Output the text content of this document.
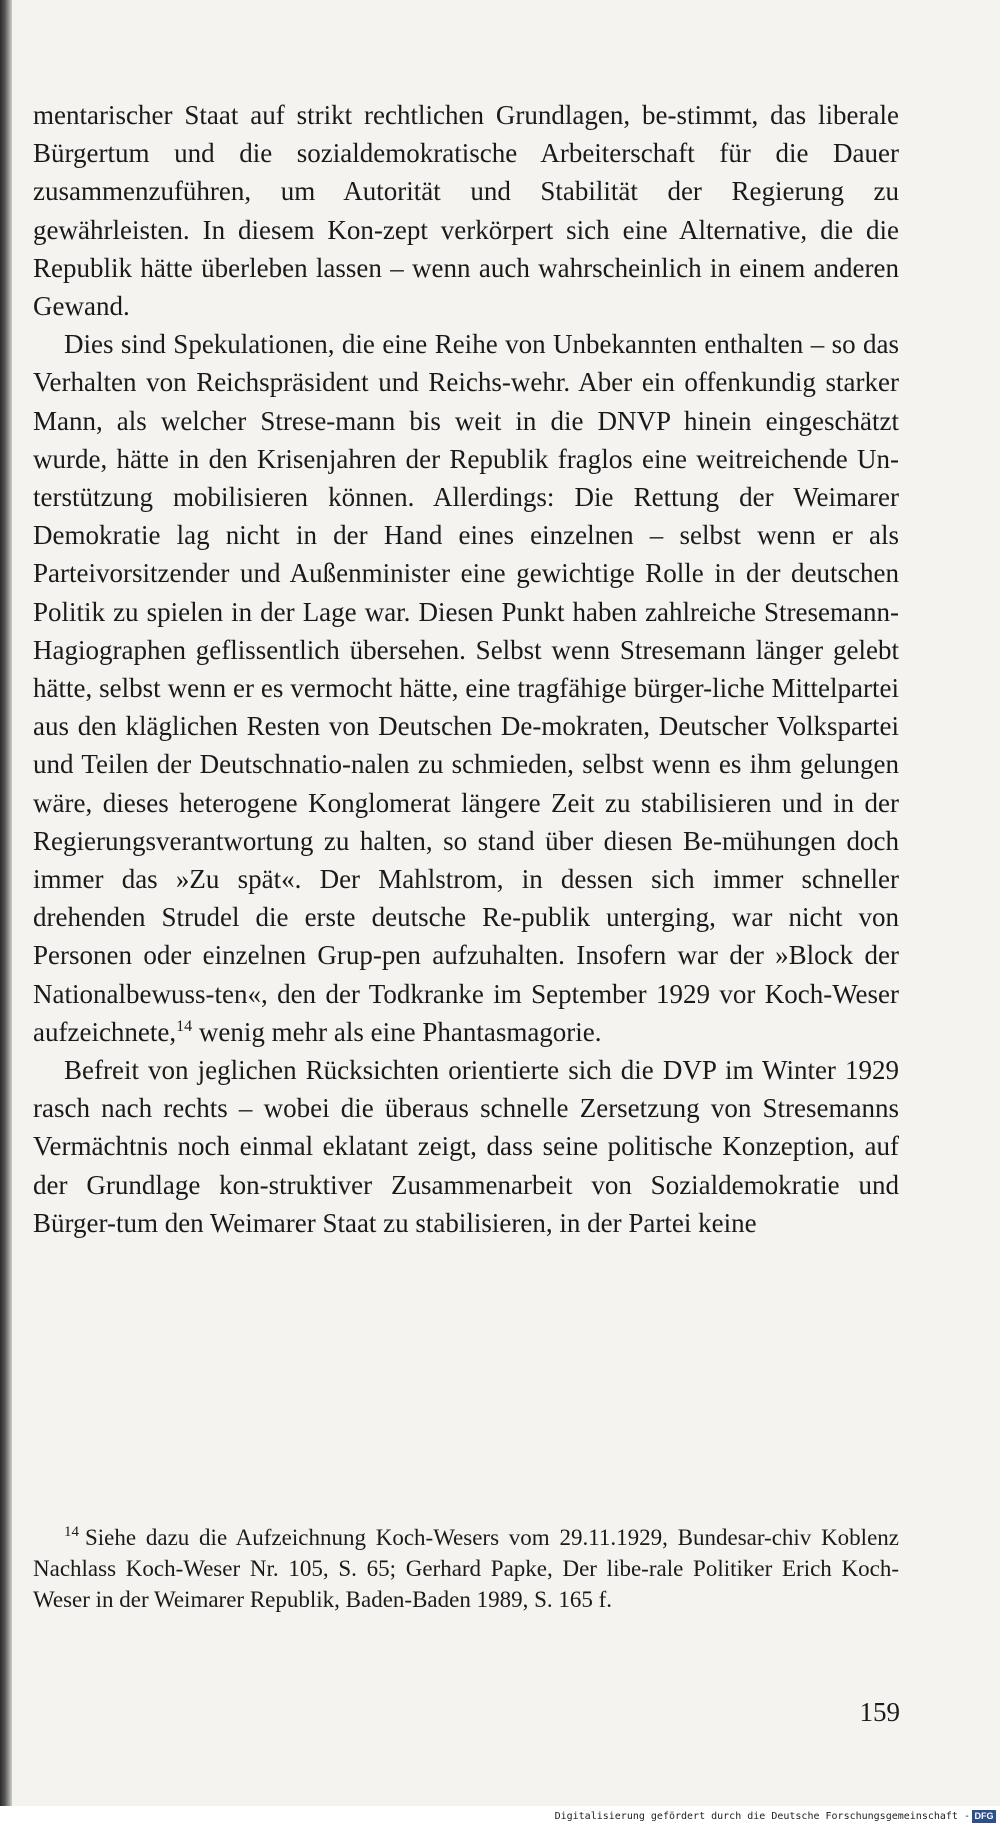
mentarischer Staat auf strikt rechtlichen Grundlagen, be-stimmt, das liberale Bürgertum und die sozialdemokratische Arbeiterschaft für die Dauer zusammenzuführen, um Autorität und Stabilität der Regierung zu gewährleisten. In diesem Kon-zept verkörpert sich eine Alternative, die die Republik hätte überleben lassen – wenn auch wahrscheinlich in einem anderen Gewand.

Dies sind Spekulationen, die eine Reihe von Unbekannten enthalten – so das Verhalten von Reichspräsident und Reichs-wehr. Aber ein offenkundig starker Mann, als welcher Strese-mann bis weit in die DNVP hinein eingeschätzt wurde, hätte in den Krisenjahren der Republik fraglos eine weitreichende Un-terstützung mobilisieren können. Allerdings: Die Rettung der Weimarer Demokratie lag nicht in der Hand eines einzelnen – selbst wenn er als Parteivorsitzender und Außenminister eine gewichtige Rolle in der deutschen Politik zu spielen in der Lage war. Diesen Punkt haben zahlreiche Stresemann-Hagiographen geflissentlich übersehen. Selbst wenn Stresemann länger gelebt hätte, selbst wenn er es vermocht hätte, eine tragfähige bürger-liche Mittelpartei aus den kläglichen Resten von Deutschen De-mokraten, Deutscher Volkspartei und Teilen der Deutschnatio-nalen zu schmieden, selbst wenn es ihm gelungen wäre, dieses heterogene Konglomerat längere Zeit zu stabilisieren und in der Regierungsverantwortung zu halten, so stand über diesen Be-mühungen doch immer das »Zu spät«. Der Mahlstrom, in dessen sich immer schneller drehenden Strudel die erste deutsche Re-publik unterging, war nicht von Personen oder einzelnen Grup-pen aufzuhalten. Insofern war der »Block der Nationalbewuss-ten«, den der Todkranke im September 1929 vor Koch-Weser aufzeichnete,$^{14}$ wenig mehr als eine Phantasmagorie.

Befreit von jeglichen Rücksichten orientierte sich die DVP im Winter 1929 rasch nach rechts – wobei die überaus schnelle Zersetzung von Stresemanns Vermächtnis noch einmal eklatant zeigt, dass seine politische Konzeption, auf der Grundlage kon-struktiver Zusammenarbeit von Sozialdemokratie und Bürger-tum den Weimarer Staat zu stabilisieren, in der Partei keine

$^{14}$ Siehe dazu die Aufzeichnung Koch-Wesers vom 29.11.1929, Bundesar-chiv Koblenz Nachlass Koch-Weser Nr. 105, S. 65; Gerhard Papke, Der libe-rale Politiker Erich Koch-Weser in der Weimarer Republik, Baden-Baden 1989, S. 165 f.

159
Digitalisierung gefördert durch die Deutsche Forschungsgemeinschaft - DFG
